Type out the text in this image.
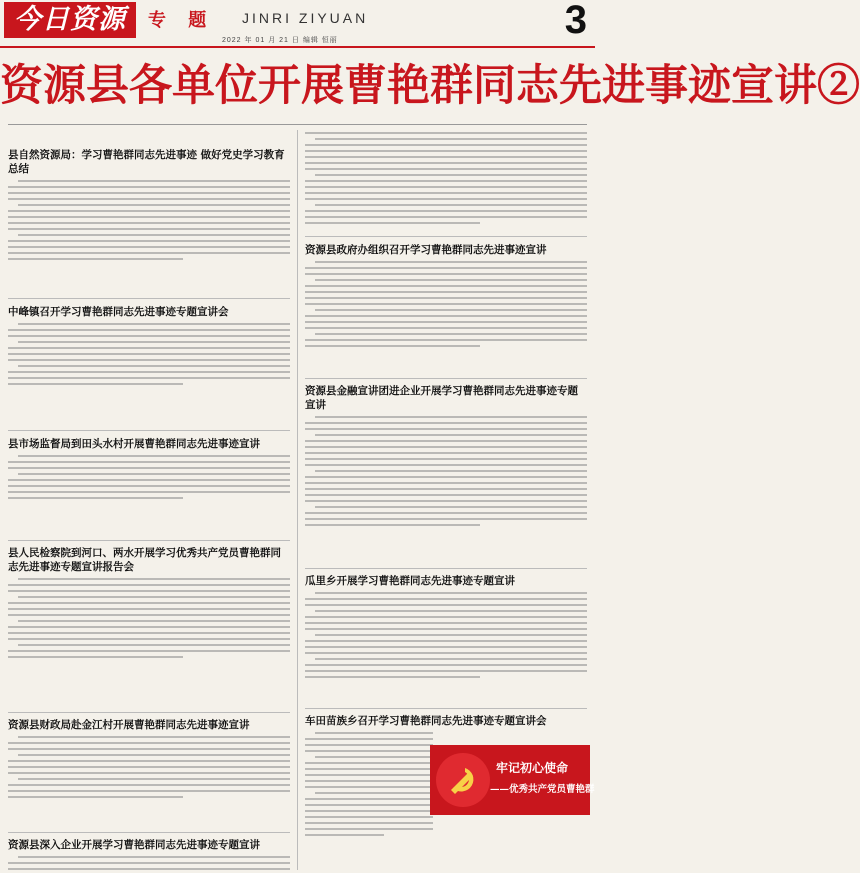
今日资源	专 题 JINRI ZIYUAN
2022 年 01 月 21 日 编辑 恒丽	3
资源县各单位开展曹艳群同志先进事迹宣讲②
县自然资源局：学习曹艳群同志先进事迹 做好党史学习教育总结
中峰镇召开学习曹艳群同志先进事迹专题宣讲会
县市场监督局到田头水村开展曹艳群同志先进事迹宣讲
县人民检察院到河口、两水开展学习优秀共产党员曹艳群同志先进事迹专题宣讲报告会
资源县财政局赴金江村开展曹艳群同志先进事迹宣讲
资源县深入企业开展学习曹艳群同志先进事迹专题宣讲
资源县政府办组织召开学习曹艳群同志先进事迹宣讲
资源县金融宣讲团进企业开展学习曹艳群同志先进事迹专题宣讲
瓜里乡开展学习曹艳群同志先进事迹专题宣讲
车田苗族乡召开学习曹艳群同志先进事迹专题宣讲会
牢记初心使命
——优秀共产党员曹艳群
